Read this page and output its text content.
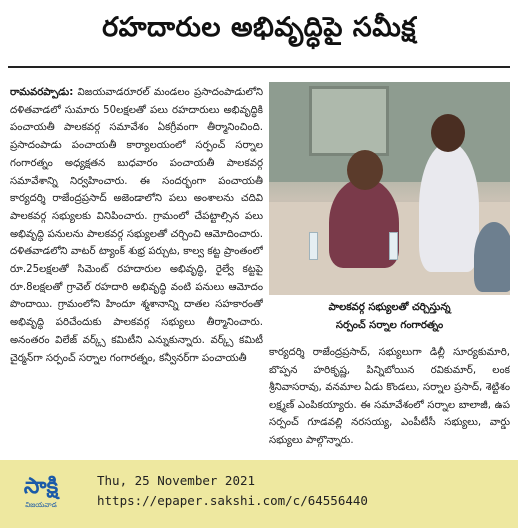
రహదారుల అభివృద్ధిపై సమీక్ష
రామవరప్పాడు: విజయవాడరూరల్ మండలం ప్రసాదంపాడులోని దళితవాడలో సుమారు 50లక్షలతో పలు రహదారులు అభివృద్ధికి పంచాయతీ పాలకవర్గ సమావేశం ఏకగ్రీవంగా తీర్మానించింది. ప్రసాదంపాడు పంచాయతీ కార్యాలయంలో సర్పంచ్ సర్నాల గంగారత్నం అధ్యక్షతన బుధవారం పంచాయతీ పాలకవర్గ సమావేశాన్ని నిర్వహించారు. ఈ సందర్భంగా పంచాయతీ కార్యదర్శి రాజేంద్రప్రసాద్ అజెండాలోని పలు అంశాలను చదివి పాలకవర్గ సభ్యులకు వినిపించారు. గ్రామంలో చేపట్టాల్సిన పలు అభివృద్ధి పనులను పాలకవర్గ సభ్యులతో చర్చించి ఆమోదించారు. దళితవాడలోని వాటర్ ట్యాంక్ శుభ్ర పర్చుట, కాల్వ కట్ట ప్రాంతంలో రూ.25లక్షలతో సిమెంట్ రహదారుల అభివృద్ధి, రైల్వే కట్టపై రూ.8లక్షలతో గ్రావెల్ రహదారి అభివృద్ధి వంటి పనులు ఆమోదం పొందాయి. గ్రామంలోని హిందూ శ్మశానాన్ని దాతల సహకారంతో అభివృద్ధి పరిచేందుకు పాలకవర్గ సభ్యులు తీర్మానించారు. అనంతరం విలేజ్ వర్క్స్ కమిటీని ఎన్నుకున్నారు. వర్క్స్ కమిటీ చైర్మన్‌గా సర్పంచ్ సర్నాల గంగారత్నం, కన్వీనర్‌గా పంచాయతీ
పాలకవర్గ సభ్యులతో చర్చిస్తున్న
సర్పంచ్ సర్నాల గంగారత్నం
కార్యదర్శి రాజేంద్రప్రసాద్, సభ్యులుగా డిల్లీ సూర్యకుమారి, బొప్పన హరికృష్ణ, పిన్నిబోయిన రవికుమార్, లంక శ్రీనివాసరావు, వనమాల ఏడు కొండలు, సర్నాల ప్రసాద్, శెట్టిశం లక్ష్మణ్ ఎంపికయ్యారు. ఈ సమావేశంలో సర్నాల బాలాజీ, ఉప సర్పంచ్ గూడవల్లి నరసయ్య, ఎంపీటీసీ సభ్యులు, వార్డు సభ్యులు పాల్గొన్నారు.
సాక్షి
విజయవాడ
Thu, 25 November 2021
https://epaper.sakshi.com/c/64556440
